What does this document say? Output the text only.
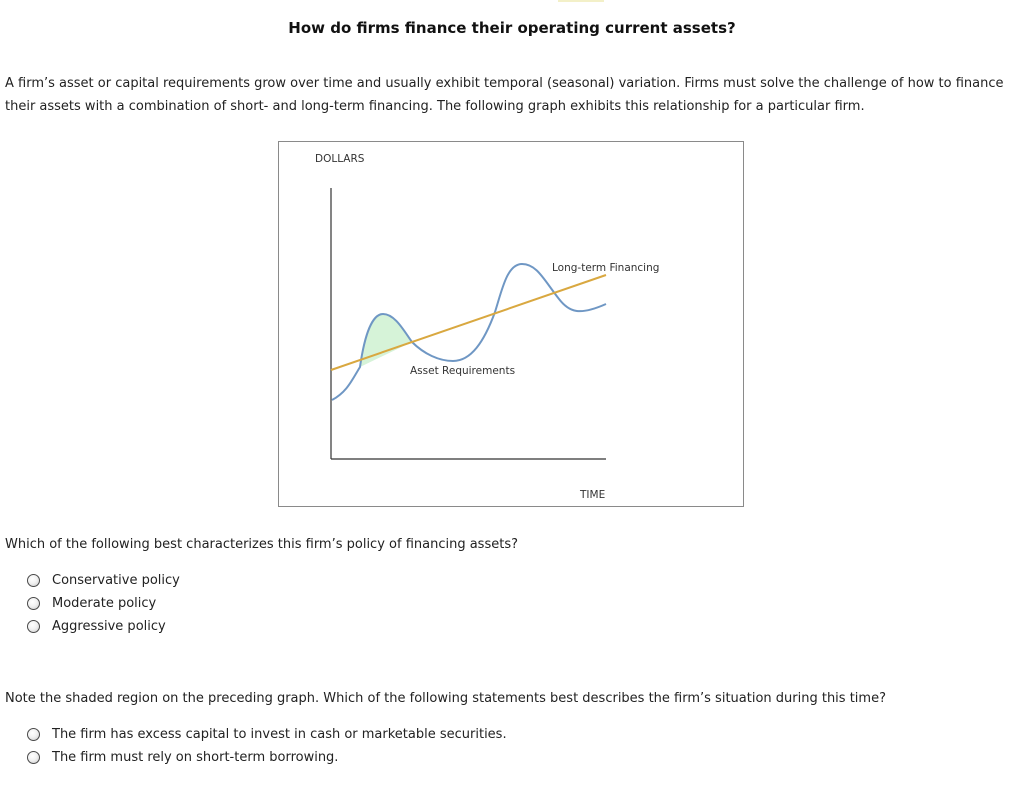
How do firms finance their operating current assets?
A firm’s asset or capital requirements grow over time and usually exhibit temporal (seasonal) variation. Firms must solve the challenge of how to finance their assets with a combination of short- and long-term financing. The following graph exhibits this relationship for a particular firm.
DOLLARS
Long-term Financing
Asset Requirements
TIME
Which of the following best characterizes this firm’s policy of financing assets?
Conservative policy
Moderate policy
Aggressive policy
Note the shaded region on the preceding graph. Which of the following statements best describes the firm’s situation during this time?
The firm has excess capital to invest in cash or marketable securities.
The firm must rely on short-term borrowing.
